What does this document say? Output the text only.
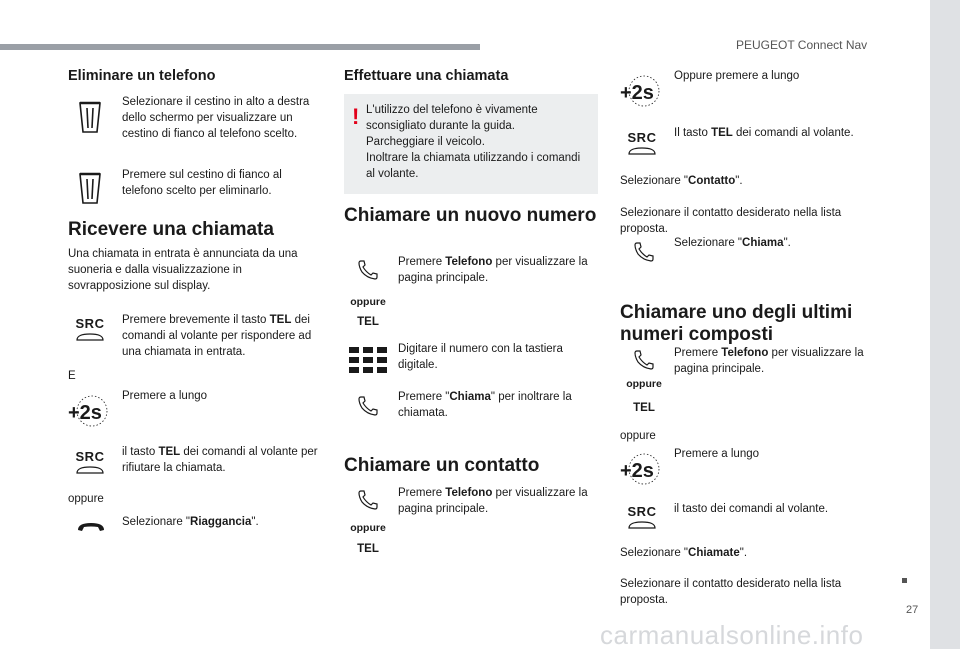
PEUGEOT Connect Nav
27
carmanualsonline.info
Eliminare un telefono
Selezionare il cestino in alto a destra dello schermo per visualizzare un cestino di fianco al telefono scelto.
Premere sul cestino di fianco al telefono scelto per eliminarlo.
Ricevere una chiamata
Una chiamata in entrata è annunciata da una suoneria e dalla visualizzazione in sovrapposizione sul display.
SRC	Premere brevemente il tasto TEL dei comandi al volante per rispondere ad una chiamata in entrata.
E
+2s
Premere a lungo
SRC	il tasto TEL dei comandi al volante per rifiutare la chiamata.
oppure
Selezionare "Riaggancia".
Effettuare una chiamata
! L'utilizzo del telefono è vivamente
sconsigliato durante la guida.
Parcheggiare il veicolo.
Inoltrare la chiamata utilizzando i comandi
al volante.
Chiamare un nuovo numero
oppure
TEL
Premere Telefono per visualizzare la pagina principale.
Digitare il numero con la tastiera digitale.
Premere "Chiama" per inoltrare la chiamata.
Chiamare un contatto
oppure
TEL
Premere Telefono per visualizzare la pagina principale.
+2s
Oppure premere a lungo
SRC	Il tasto TEL dei comandi al volante.
Selezionare "Contatto".
Selezionare il contatto desiderato nella lista proposta.
Selezionare "Chiama".
Chiamare uno degli ultimi numeri composti
oppure
TEL
Premere Telefono per visualizzare la pagina principale.
oppure
+2s
Premere a lungo
SRC	il tasto dei comandi al volante.
Selezionare "Chiamate".
Selezionare il contatto desiderato nella lista proposta.
